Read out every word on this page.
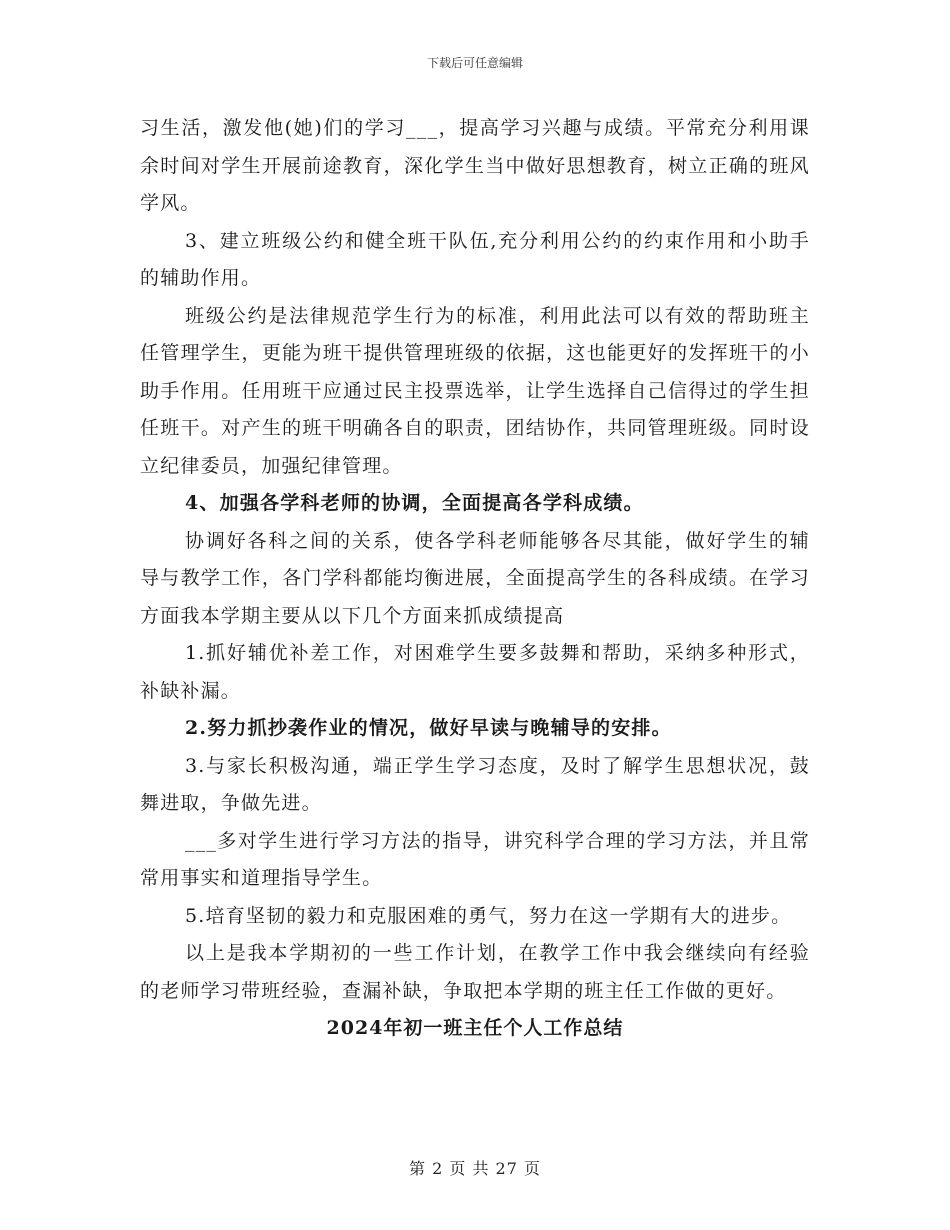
下载后可任意编辑

习生活，激发他(她)们的学习___，提高学习兴趣与成绩。平常充分利用课余时间对学生开展前途教育，深化学生当中做好思想教育，树立正确的班风学风。

3、建立班级公约和健全班干队伍,充分利用公约的约束作用和小助手的辅助作用。

班级公约是法律规范学生行为的标准，利用此法可以有效的帮助班主任管理学生，更能为班干提供管理班级的依据，这也能更好的发挥班干的小助手作用。任用班干应通过民主投票选举，让学生选择自己信得过的学生担任班干。对产生的班干明确各自的职责，团结协作，共同管理班级。同时设立纪律委员，加强纪律管理。

4、加强各学科老师的协调，全面提高各学科成绩。

协调好各科之间的关系，使各学科老师能够各尽其能，做好学生的辅导与教学工作，各门学科都能均衡进展，全面提高学生的各科成绩。在学习方面我本学期主要从以下几个方面来抓成绩提高

1.抓好辅优补差工作，对困难学生要多鼓舞和帮助，采纳多种形式，补缺补漏。

2.努力抓抄袭作业的情况，做好早读与晚辅导的安排。

3.与家长积极沟通，端正学生学习态度，及时了解学生思想状况，鼓舞进取，争做先进。

___多对学生进行学习方法的指导，讲究科学合理的学习方法，并且常常用事实和道理指导学生。

5.培育坚韧的毅力和克服困难的勇气，努力在这一学期有大的进步。

以上是我本学期初的一些工作计划，在教学工作中我会继续向有经验的老师学习带班经验，查漏补缺，争取把本学期的班主任工作做的更好。

2024年初一班主任个人工作总结

第 2 页 共 27 页
